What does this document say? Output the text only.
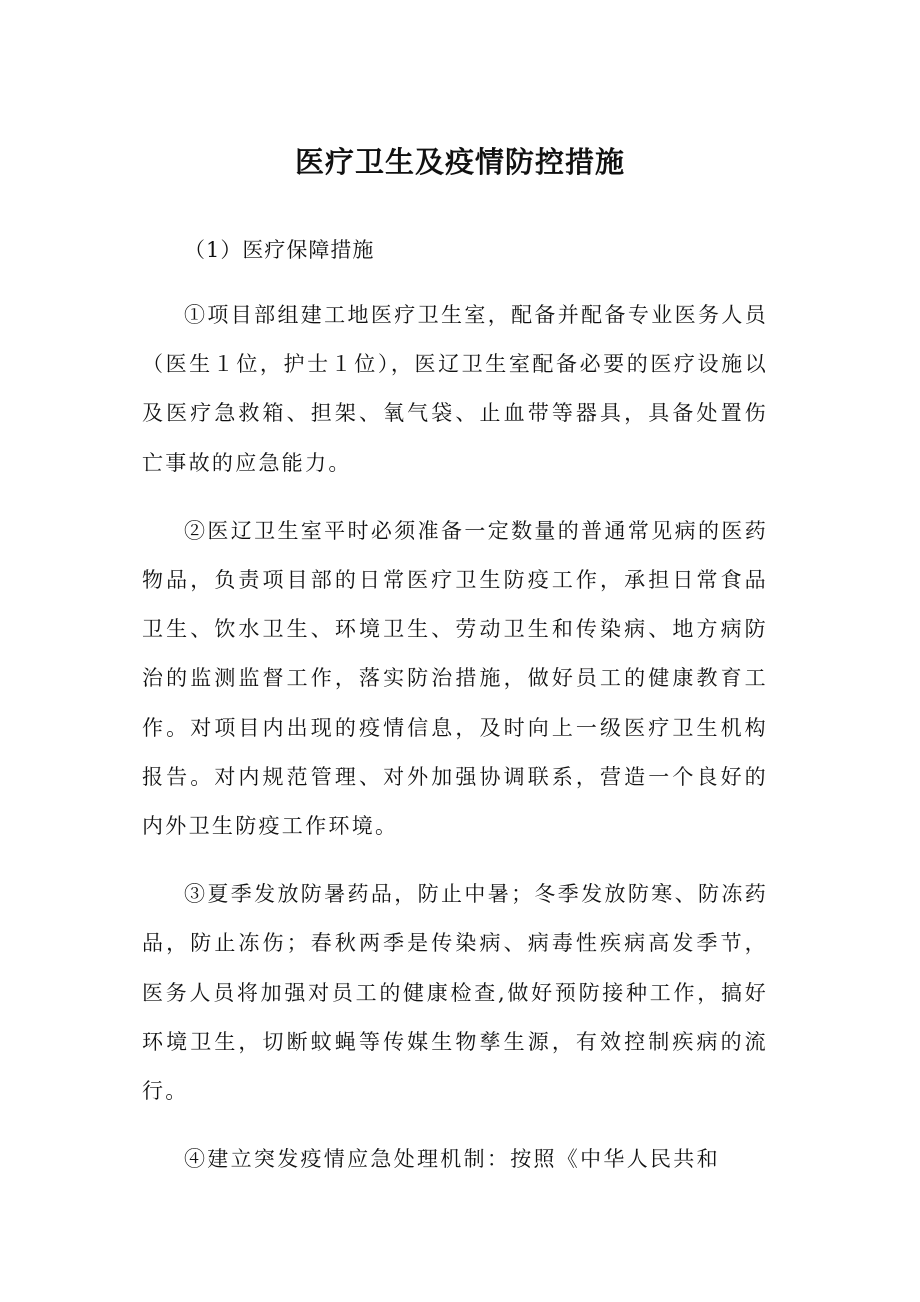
医疗卫生及疫情防控措施

（1）医疗保障措施

①项目部组建工地医疗卫生室，配备并配备专业医务人员（医生１位，护士１位），医辽卫生室配备必要的医疗设施以及医疗急救箱、担架、氧气袋、止血带等器具，具备处置伤亡事故的应急能力。

②医辽卫生室平时必须准备一定数量的普通常见病的医药物品，负责项目部的日常医疗卫生防疫工作，承担日常食品卫生、饮水卫生、环境卫生、劳动卫生和传染病、地方病防治的监测监督工作，落实防治措施，做好员工的健康教育工作。对项目内出现的疫情信息，及时向上一级医疗卫生机构报告。对内规范管理、对外加强协调联系，营造一个良好的内外卫生防疫工作环境。

③夏季发放防暑药品，防止中暑；冬季发放防寒、防冻药品，防止冻伤；春秋两季是传染病、病毒性疾病高发季节，医务人员将加强对员工的健康检查,做好预防接种工作，搞好环境卫生，切断蚊蝇等传媒生物孳生源，有效控制疾病的流行。

④建立突发疫情应急处理机制：按照《中华人民共和
